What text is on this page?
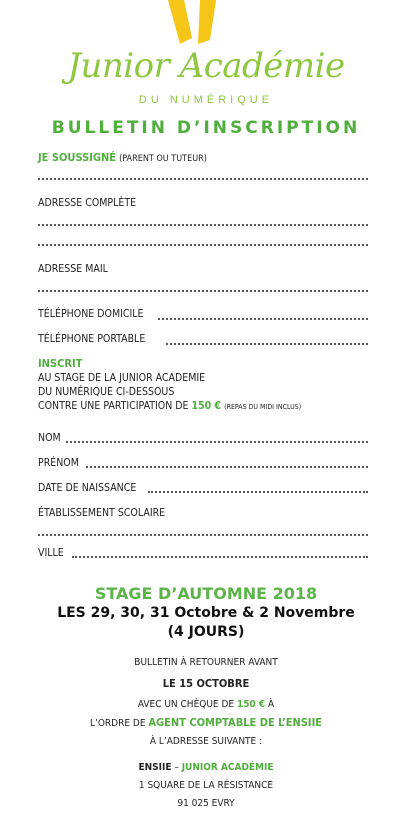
Junior Académie
DU NUMÉRIQUE
BULLETIN D’INSCRIPTION
JE SOUSSIGNÉ (PARENT OU TUTEUR)
ADRESSE COMPLÈTE
ADRESSE MAIL
TÉLÉPHONE DOMICILE
TÉLÉPHONE PORTABLE
INSCRIT
AU STAGE DE LA JUNIOR ACADEMIE
DU NUMÉRIQUE CI-DESSOUS
CONTRE UNE PARTICIPATION DE 150 € (REPAS DU MIDI INCLUS)
NOM
PRÉNOM
DATE DE NAISSANCE
ÉTABLISSEMENT SCOLAIRE
VILLE
STAGE D’AUTOMNE 2018
LES 29, 30, 31 Octobre & 2 Novembre
(4 JOURS)
BULLETIN À RETOURNER AVANT
LE 15 OCTOBRE
AVEC UN CHÈQUE DE 150 € À
L’ORDRE DE AGENT COMPTABLE DE L’ENSIIE
À L’ADRESSE SUIVANTE :
ENSIIE – JUNIOR ACADÉMIE
1 SQUARE DE LA RÉSISTANCE
91 025 EVRY
